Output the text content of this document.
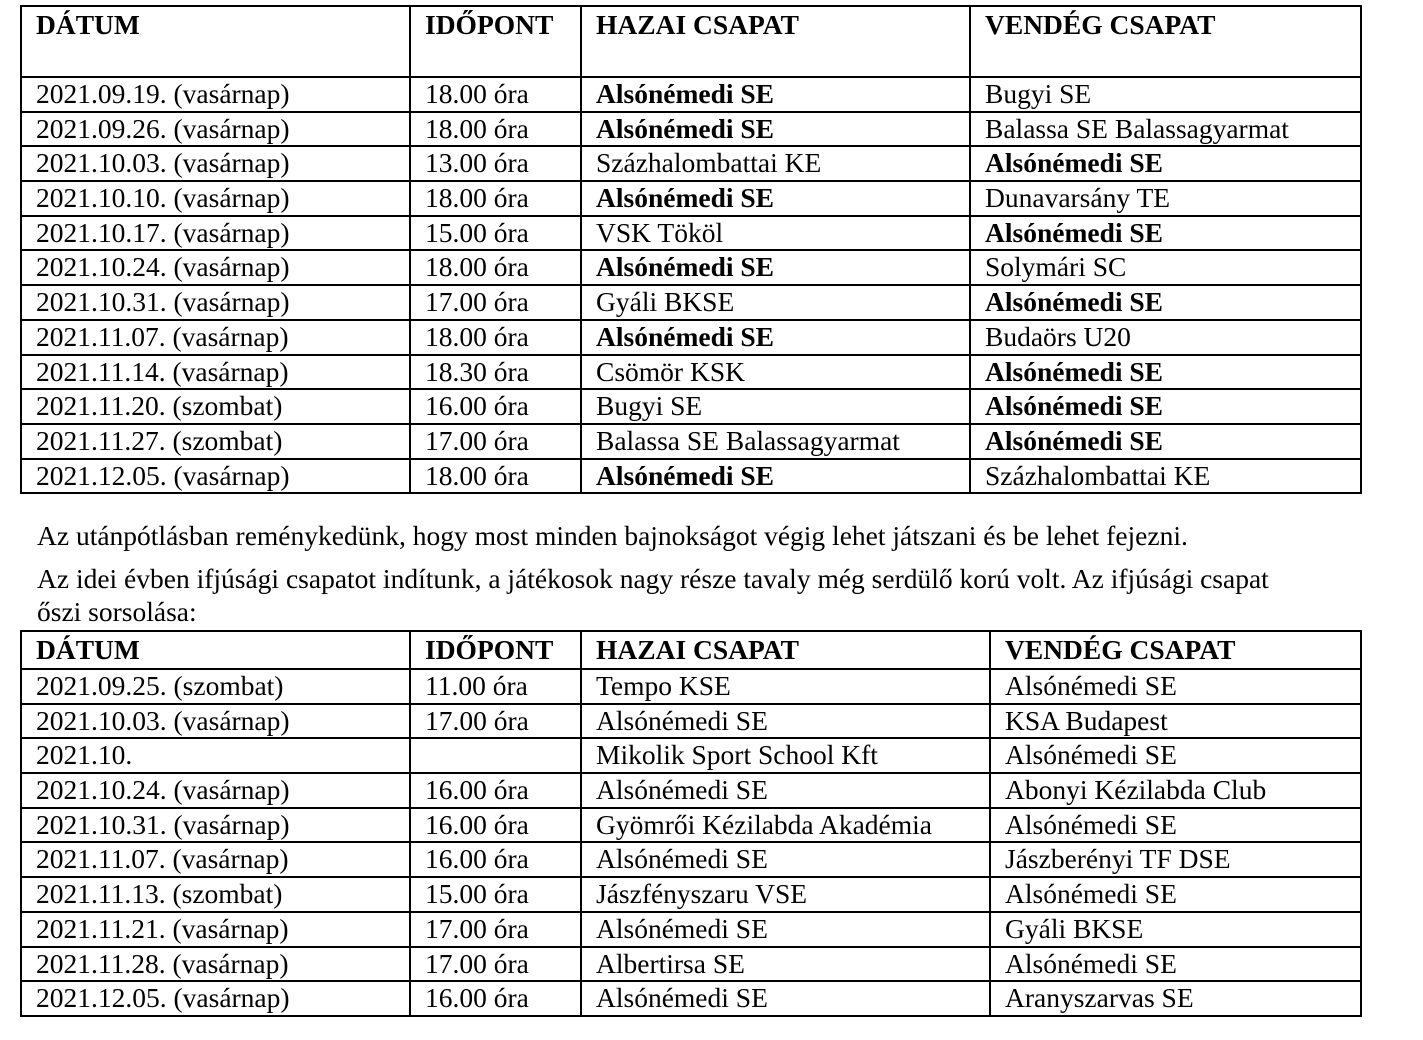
DÁTUM	IDŐPONT	HAZAI CSAPAT	VENDÉG CSAPAT
2021.09.19. (vasárnap)	18.00 óra	Alsónémedi SE	Bugyi SE
2021.09.26. (vasárnap)	18.00 óra	Alsónémedi SE	Balassa SE Balassagyarmat
2021.10.03. (vasárnap)	13.00 óra	Százhalombattai KE	Alsónémedi SE
2021.10.10. (vasárnap)	18.00 óra	Alsónémedi SE	Dunavarsány TE
2021.10.17. (vasárnap)	15.00 óra	VSK Tököl	Alsónémedi SE
2021.10.24. (vasárnap)	18.00 óra	Alsónémedi SE	Solymári SC
2021.10.31. (vasárnap)	17.00 óra	Gyáli BKSE	Alsónémedi SE
2021.11.07. (vasárnap)	18.00 óra	Alsónémedi SE	Budaörs U20
2021.11.14. (vasárnap)	18.30 óra	Csömör KSK	Alsónémedi SE
2021.11.20. (szombat)	16.00 óra	Bugyi SE	Alsónémedi SE
2021.11.27. (szombat)	17.00 óra	Balassa SE Balassagyarmat	Alsónémedi SE
2021.12.05. (vasárnap)	18.00 óra	Alsónémedi SE	Százhalombattai KE

Az utánpótlásban reménykedünk, hogy most minden bajnokságot végig lehet játszani és be lehet fejezni.

Az idei évben ifjúsági csapatot indítunk, a játékosok nagy része tavaly még serdülő korú volt. Az ifjúsági csapat

őszi sorsolása:

DÁTUM	IDŐPONT	HAZAI CSAPAT	VENDÉG CSAPAT
2021.09.25. (szombat)	11.00 óra	Tempo KSE	Alsónémedi SE
2021.10.03. (vasárnap)	17.00 óra	Alsónémedi SE	KSA Budapest
2021.10.		Mikolik Sport School Kft	Alsónémedi SE
2021.10.24. (vasárnap)	16.00 óra	Alsónémedi SE	Abonyi Kézilabda Club
2021.10.31. (vasárnap)	16.00 óra	Gyömrői Kézilabda Akadémia	Alsónémedi SE
2021.11.07. (vasárnap)	16.00 óra	Alsónémedi SE	Jászberényi TF DSE
2021.11.13. (szombat)	15.00 óra	Jászfényszaru VSE	Alsónémedi SE
2021.11.21. (vasárnap)	17.00 óra	Alsónémedi SE	Gyáli BKSE
2021.11.28. (vasárnap)	17.00 óra	Albertirsa SE	Alsónémedi SE
2021.12.05. (vasárnap)	16.00 óra	Alsónémedi SE	Aranyszarvas SE
